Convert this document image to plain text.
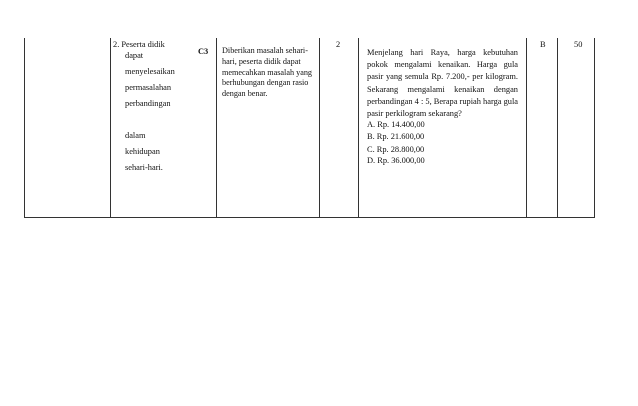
2. Peserta didik
dapat
menyelesaikan
permasalahan
perbandingan
dalam
kehidupan
sehari-hari.
C3 Diberikan masalah sehari-hari, peserta didik dapat memecahkan masalah yang berhubungan dengan rasio dengan benar.
2
Menjelang hari Raya, harga kebutuhan pokok mengalami kenaikan. Harga gula pasir yang semula Rp. 7.200,- per kilogram. Sekarang mengalami kenaikan dengan perbandingan 4 : 5, Berapa rupiah harga gula pasir perkilogram sekarang?
A. Rp. 14.400,00
B. Rp. 21.600,00
C. Rp. 28.800,00
D. Rp. 36.000,00
B	50
